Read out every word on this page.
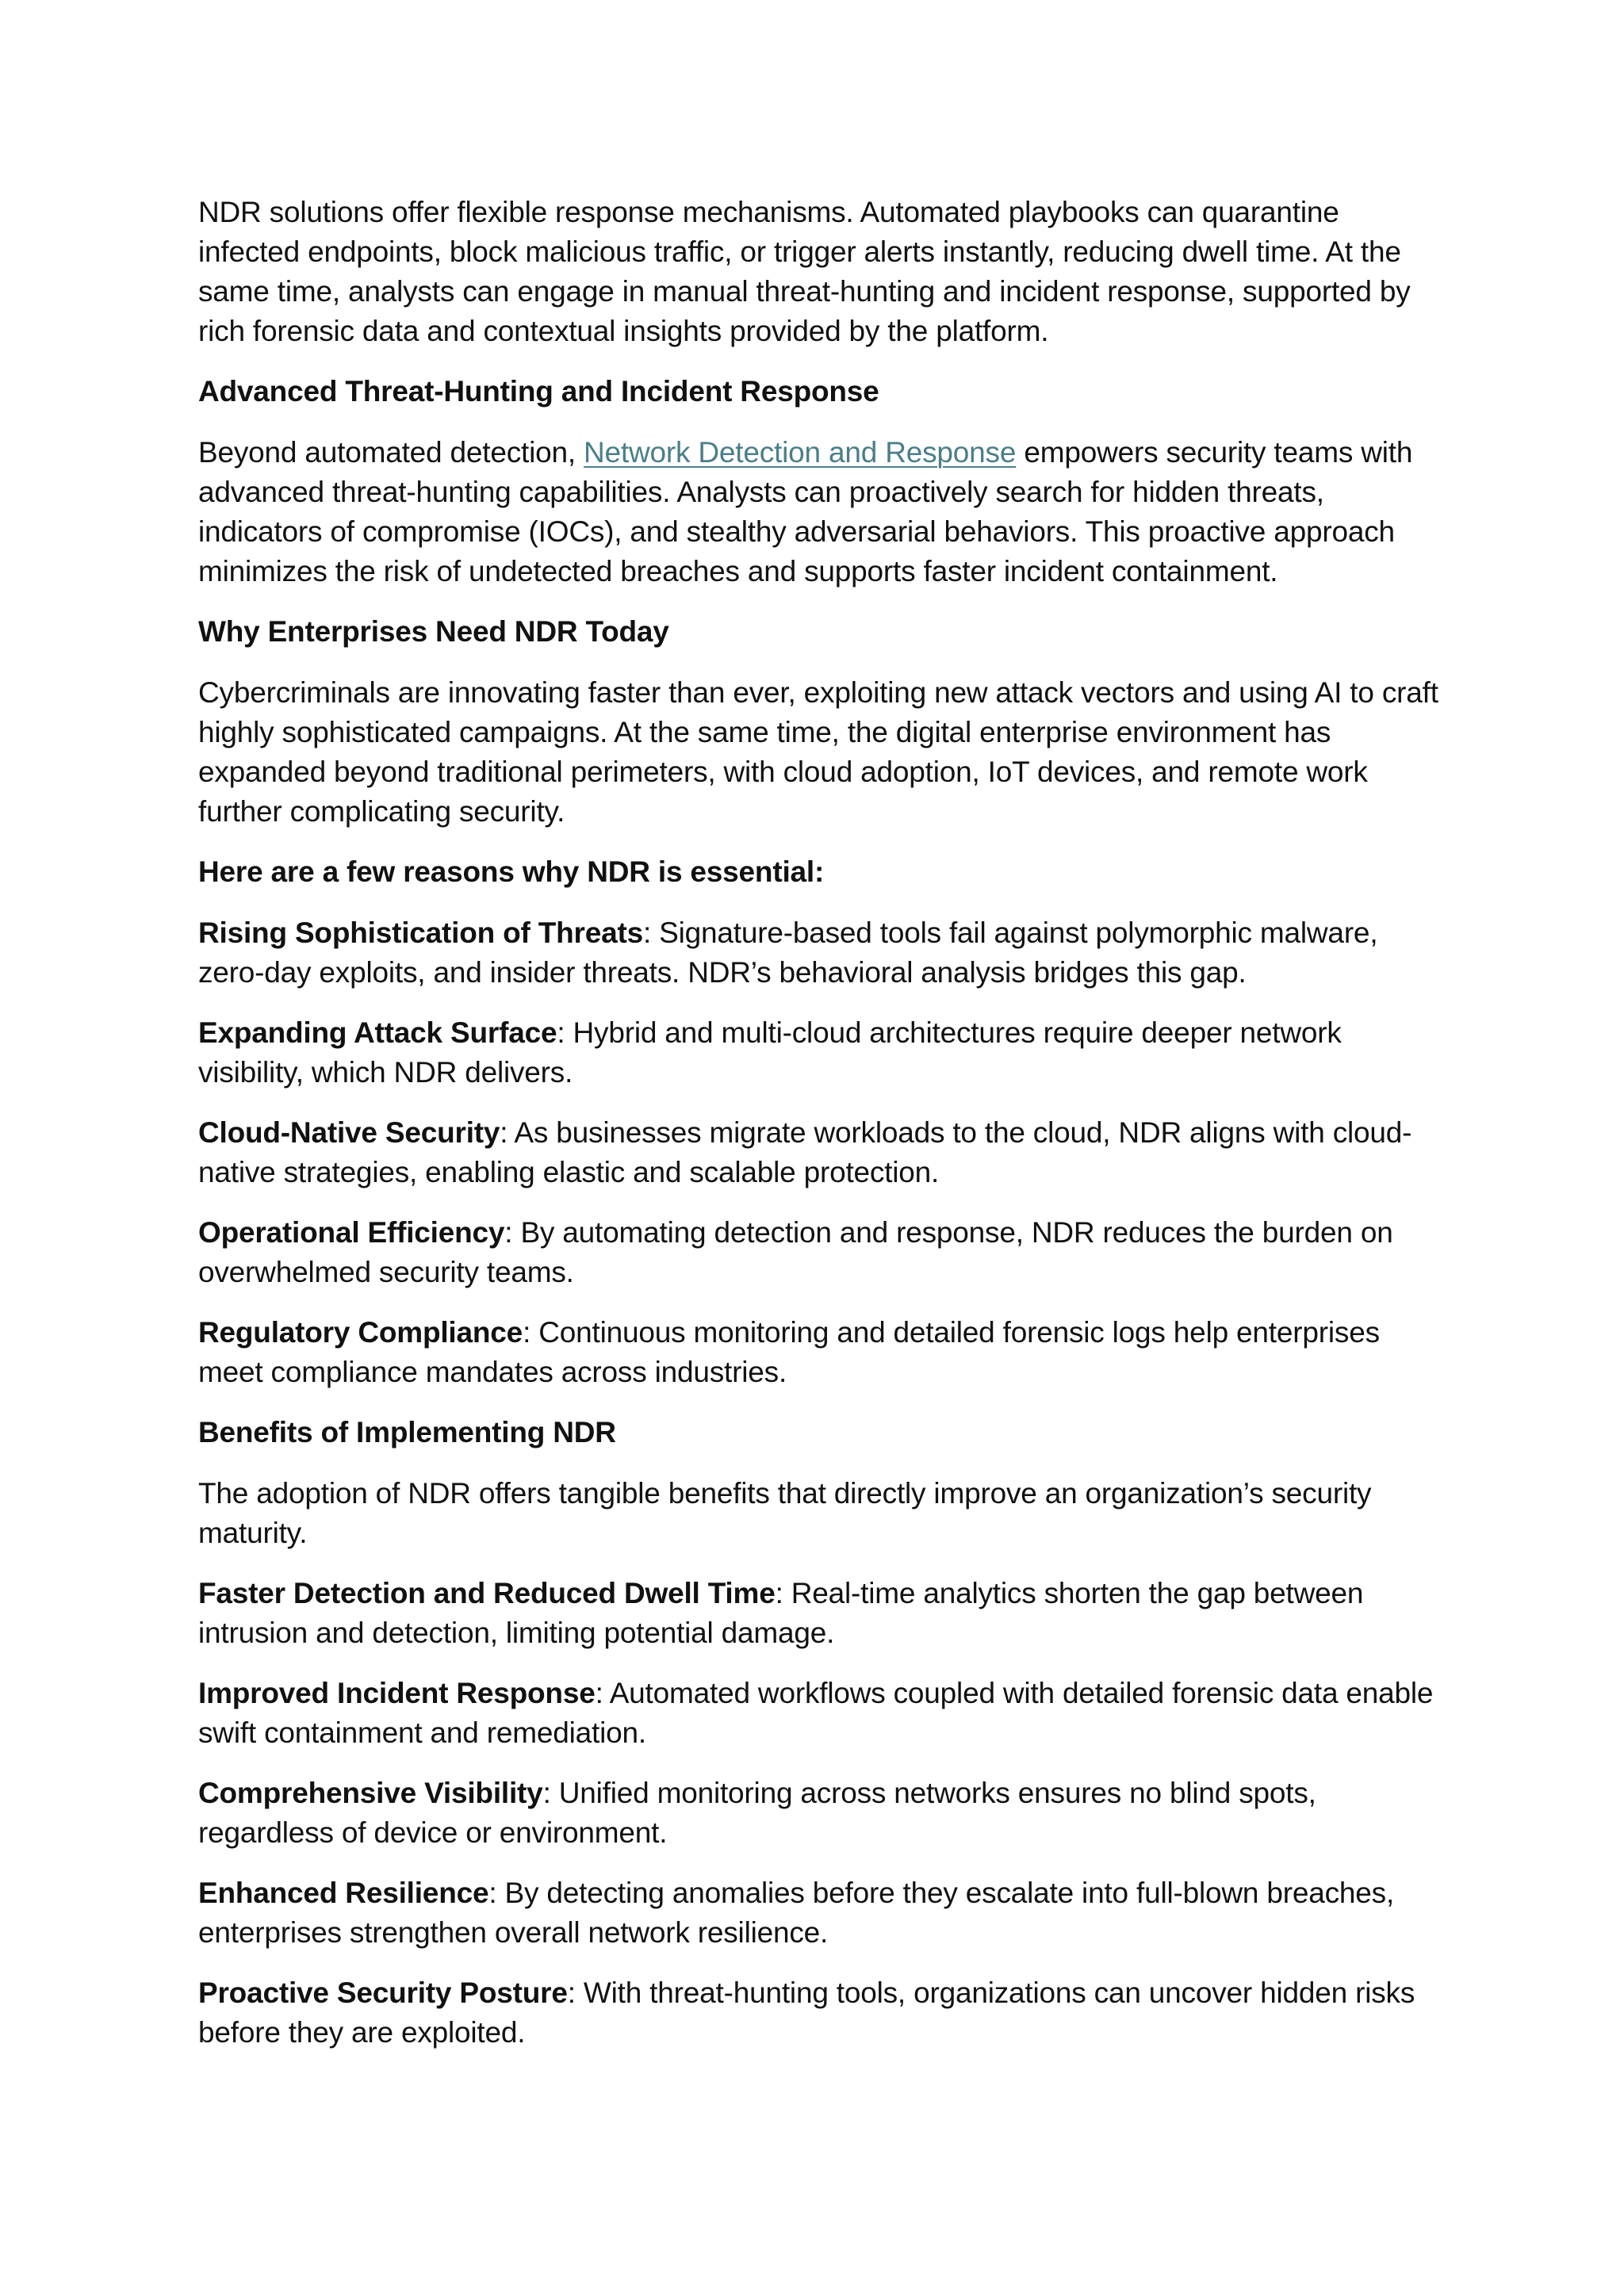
NDR solutions offer flexible response mechanisms. Automated playbooks can quarantine infected endpoints, block malicious traffic, or trigger alerts instantly, reducing dwell time. At the same time, analysts can engage in manual threat-hunting and incident response, supported by rich forensic data and contextual insights provided by the platform.

Advanced Threat-Hunting and Incident Response

Beyond automated detection, Network Detection and Response empowers security teams with advanced threat-hunting capabilities. Analysts can proactively search for hidden threats, indicators of compromise (IOCs), and stealthy adversarial behaviors. This proactive approach minimizes the risk of undetected breaches and supports faster incident containment.

Why Enterprises Need NDR Today

Cybercriminals are innovating faster than ever, exploiting new attack vectors and using AI to craft highly sophisticated campaigns. At the same time, the digital enterprise environment has expanded beyond traditional perimeters, with cloud adoption, IoT devices, and remote work further complicating security.

Here are a few reasons why NDR is essential:

Rising Sophistication of Threats: Signature-based tools fail against polymorphic malware, zero-day exploits, and insider threats. NDR’s behavioral analysis bridges this gap.

Expanding Attack Surface: Hybrid and multi-cloud architectures require deeper network visibility, which NDR delivers.

Cloud-Native Security: As businesses migrate workloads to the cloud, NDR aligns with cloud-native strategies, enabling elastic and scalable protection.

Operational Efficiency: By automating detection and response, NDR reduces the burden on overwhelmed security teams.

Regulatory Compliance: Continuous monitoring and detailed forensic logs help enterprises meet compliance mandates across industries.

Benefits of Implementing NDR

The adoption of NDR offers tangible benefits that directly improve an organization’s security maturity.

Faster Detection and Reduced Dwell Time: Real-time analytics shorten the gap between intrusion and detection, limiting potential damage.

Improved Incident Response: Automated workflows coupled with detailed forensic data enable swift containment and remediation.

Comprehensive Visibility: Unified monitoring across networks ensures no blind spots, regardless of device or environment.

Enhanced Resilience: By detecting anomalies before they escalate into full-blown breaches, enterprises strengthen overall network resilience.

Proactive Security Posture: With threat-hunting tools, organizations can uncover hidden risks before they are exploited.
